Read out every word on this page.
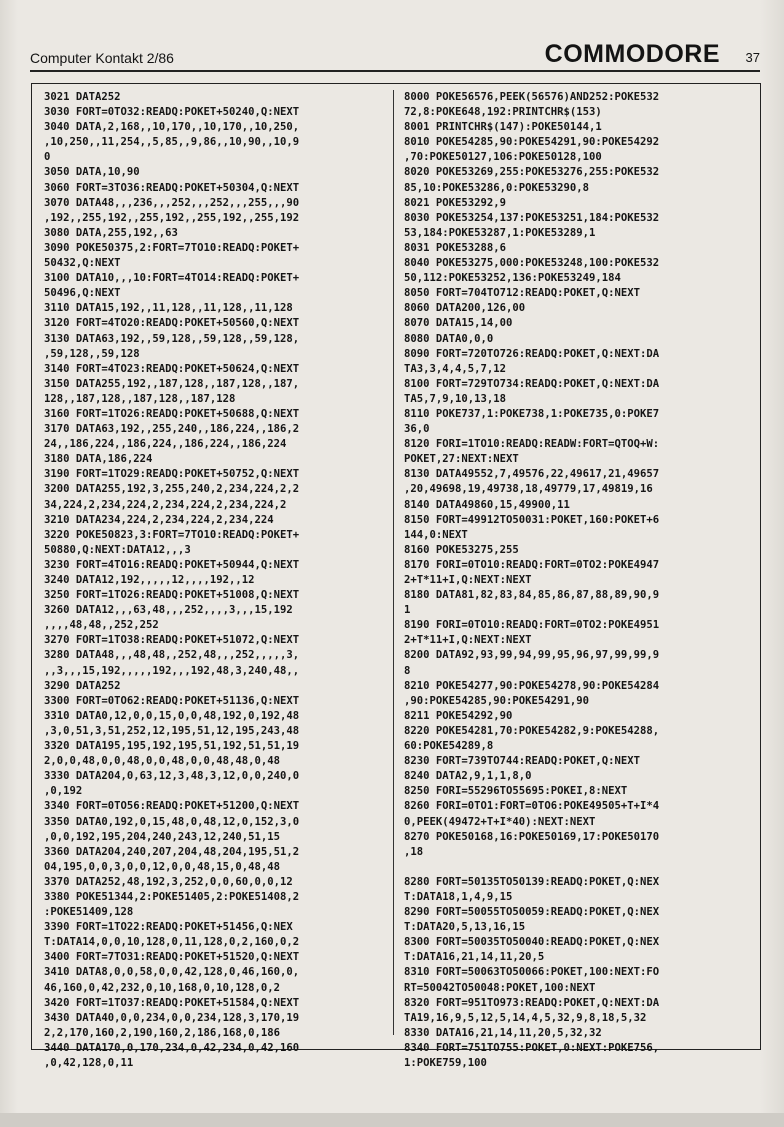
Computer Kontakt 2/86	COMMODORE 37
3021 DATA252
3030 FORT=0TO32:READQ:POKET+50240,Q:NEXT
3040 DATA,2,168,,10,170,,10,170,,10,250,
,10,250,,11,254,,5,85,,9,86,,10,90,,10,9
0
3050 DATA,10,90
3060 FORT=3TO36:READQ:POKET+50304,Q:NEXT
3070 DATA48,,,236,,,252,,,252,,,255,,,90
,192,,255,192,,255,192,,255,192,,255,192
3080 DATA,255,192,,63
3090 POKE50375,2:FORT=7TO10:READQ:POKET+
50432,Q:NEXT
3100 DATA10,,,10:FORT=4TO14:READQ:POKET+
50496,Q:NEXT
3110 DATA15,192,,11,128,,11,128,,11,128
3120 FORT=4TO20:READQ:POKET+50560,Q:NEXT
3130 DATA63,192,,59,128,,59,128,,59,128,
,59,128,,59,128
3140 FORT=4TO23:READQ:POKET+50624,Q:NEXT
3150 DATA255,192,,187,128,,187,128,,187,
128,,187,128,,187,128,,187,128
3160 FORT=1TO26:READQ:POKET+50688,Q:NEXT
3170 DATA63,192,,255,240,,186,224,,186,2
24,,186,224,,186,224,,186,224,,186,224
3180 DATA,186,224
3190 FORT=1TO29:READQ:POKET+50752,Q:NEXT
3200 DATA255,192,3,255,240,2,234,224,2,2
34,224,2,234,224,2,234,224,2,234,224,2
3210 DATA234,224,2,234,224,2,234,224
3220 POKE50823,3:FORT=7TO10:READQ:POKET+
50880,Q:NEXT:DATA12,,,3
3230 FORT=4TO16:READQ:POKET+50944,Q:NEXT
3240 DATA12,192,,,,,12,,,,192,,12
3250 FORT=1TO26:READQ:POKET+51008,Q:NEXT
3260 DATA12,,,63,48,,,252,,,,3,,,15,192
,,,,48,48,,252,252
3270 FORT=1TO38:READQ:POKET+51072,Q:NEXT
3280 DATA48,,,48,48,,252,48,,,252,,,,,3,
,,3,,,15,192,,,,,192,,,192,48,3,240,48,,
3290 DATA252
3300 FORT=0TO62:READQ:POKET+51136,Q:NEXT
3310 DATA0,12,0,0,15,0,0,48,192,0,192,48
,3,0,51,3,51,252,12,195,51,12,195,243,48
3320 DATA195,195,192,195,51,192,51,51,19
2,0,0,48,0,0,48,0,0,48,0,0,48,48,0,48
3330 DATA204,0,63,12,3,48,3,12,0,0,240,0
,0,192
3340 FORT=0TO56:READQ:POKET+51200,Q:NEXT
3350 DATA0,192,0,15,48,0,48,12,0,152,3,0
,0,0,192,195,204,240,243,12,240,51,15
3360 DATA204,240,207,204,48,204,195,51,2
04,195,0,0,3,0,0,12,0,0,48,15,0,48,48
3370 DATA252,48,192,3,252,0,0,60,0,0,12
3380 POKE51344,2:POKE51405,2:POKE51408,2
:POKE51409,128
3390 FORT=1TO22:READQ:POKET+51456,Q:NEX
T:DATA14,0,0,10,128,0,11,128,0,2,160,0,2
3400 FORT=7TO31:READQ:POKET+51520,Q:NEXT
3410 DATA8,0,0,58,0,0,42,128,0,46,160,0,
46,160,0,42,232,0,10,168,0,10,128,0,2
3420 FORT=1TO37:READQ:POKET+51584,Q:NEXT
3430 DATA40,0,0,234,0,0,234,128,3,170,19
2,2,170,160,2,190,160,2,186,168,0,186
3440 DATA170,0,170,234,0,42,234,0,42,160
,0,42,128,0,11
8000 POKE56576,PEEK(56576)AND252:POKE532
72,8:POKE648,192:PRINTCHR$(153)
8001 PRINTCHR$(147):POKE50144,1
8010 POKE54285,90:POKE54291,90:POKE54292
,70:POKE50127,106:POKE50128,100
8020 POKE53269,255:POKE53276,255:POKE532
85,10:POKE53286,0:POKE53290,8
8021 POKE53292,9
8030 POKE53254,137:POKE53251,184:POKE532
53,184:POKE53287,1:POKE53289,1
8031 POKE53288,6
8040 POKE53275,000:POKE53248,100:POKE532
50,112:POKE53252,136:POKE53249,184
8050 FORT=704TO712:READQ:POKET,Q:NEXT
8060 DATA200,126,00
8070 DATA15,14,00
8080 DATA0,0,0
8090 FORT=720TO726:READQ:POKET,Q:NEXT:DA
TA3,3,4,4,5,7,12
8100 FORT=729TO734:READQ:POKET,Q:NEXT:DA
TA5,7,9,10,13,18
8110 POKE737,1:POKE738,1:POKE735,0:POKE7
36,0
8120 FORI=1TO10:READQ:READW:FORT=QTOQ+W:
POKET,27:NEXT:NEXT
8130 DATA49552,7,49576,22,49617,21,49657
,20,49698,19,49738,18,49779,17,49819,16
8140 DATA49860,15,49900,11
8150 FORT=49912TO50031:POKET,160:POKET+6
144,0:NEXT
8160 POKE53275,255
8170 FORI=0TO10:READQ:FORT=0TO2:POKE4947
2+T*11+I,Q:NEXT:NEXT
8180 DATA81,82,83,84,85,86,87,88,89,90,9
1
8190 FORI=0TO10:READQ:FORT=0TO2:POKE4951
2+T*11+I,Q:NEXT:NEXT
8200 DATA92,93,99,94,99,95,96,97,99,99,9
8
8210 POKE54277,90:POKE54278,90:POKE54284
,90:POKE54285,90:POKE54291,90
8211 POKE54292,90
8220 POKE54281,70:POKE54282,9:POKE54288,
60:POKE54289,8
8230 FORT=739TO744:READQ:POKET,Q:NEXT
8240 DATA2,9,1,1,8,0
8250 FORI=55296TO55695:POKEI,8:NEXT
8260 FORI=0TO1:FORT=0TO6:POKE49505+T+I*4
0,PEEK(49472+T+I*40):NEXT:NEXT
8270 POKE50168,16:POKE50169,17:POKE50170
,18

8280 FORT=50135TO50139:READQ:POKET,Q:NEX
T:DATA18,1,4,9,15
8290 FORT=50055TO50059:READQ:POKET,Q:NEX
T:DATA20,5,13,16,15
8300 FORT=50035TO50040:READQ:POKET,Q:NEX
T:DATA16,21,14,11,20,5
8310 FORT=50063TO50066:POKET,100:NEXT:FO
RT=50042TO50048:POKET,100:NEXT
8320 FORT=951TO973:READQ:POKET,Q:NEXT:DA
TA19,16,9,5,12,5,14,4,5,32,9,8,18,5,32
8330 DATA16,21,14,11,20,5,32,32
8340 FORT=751TO755:POKET,0:NEXT:POKE756,
1:POKE759,100
